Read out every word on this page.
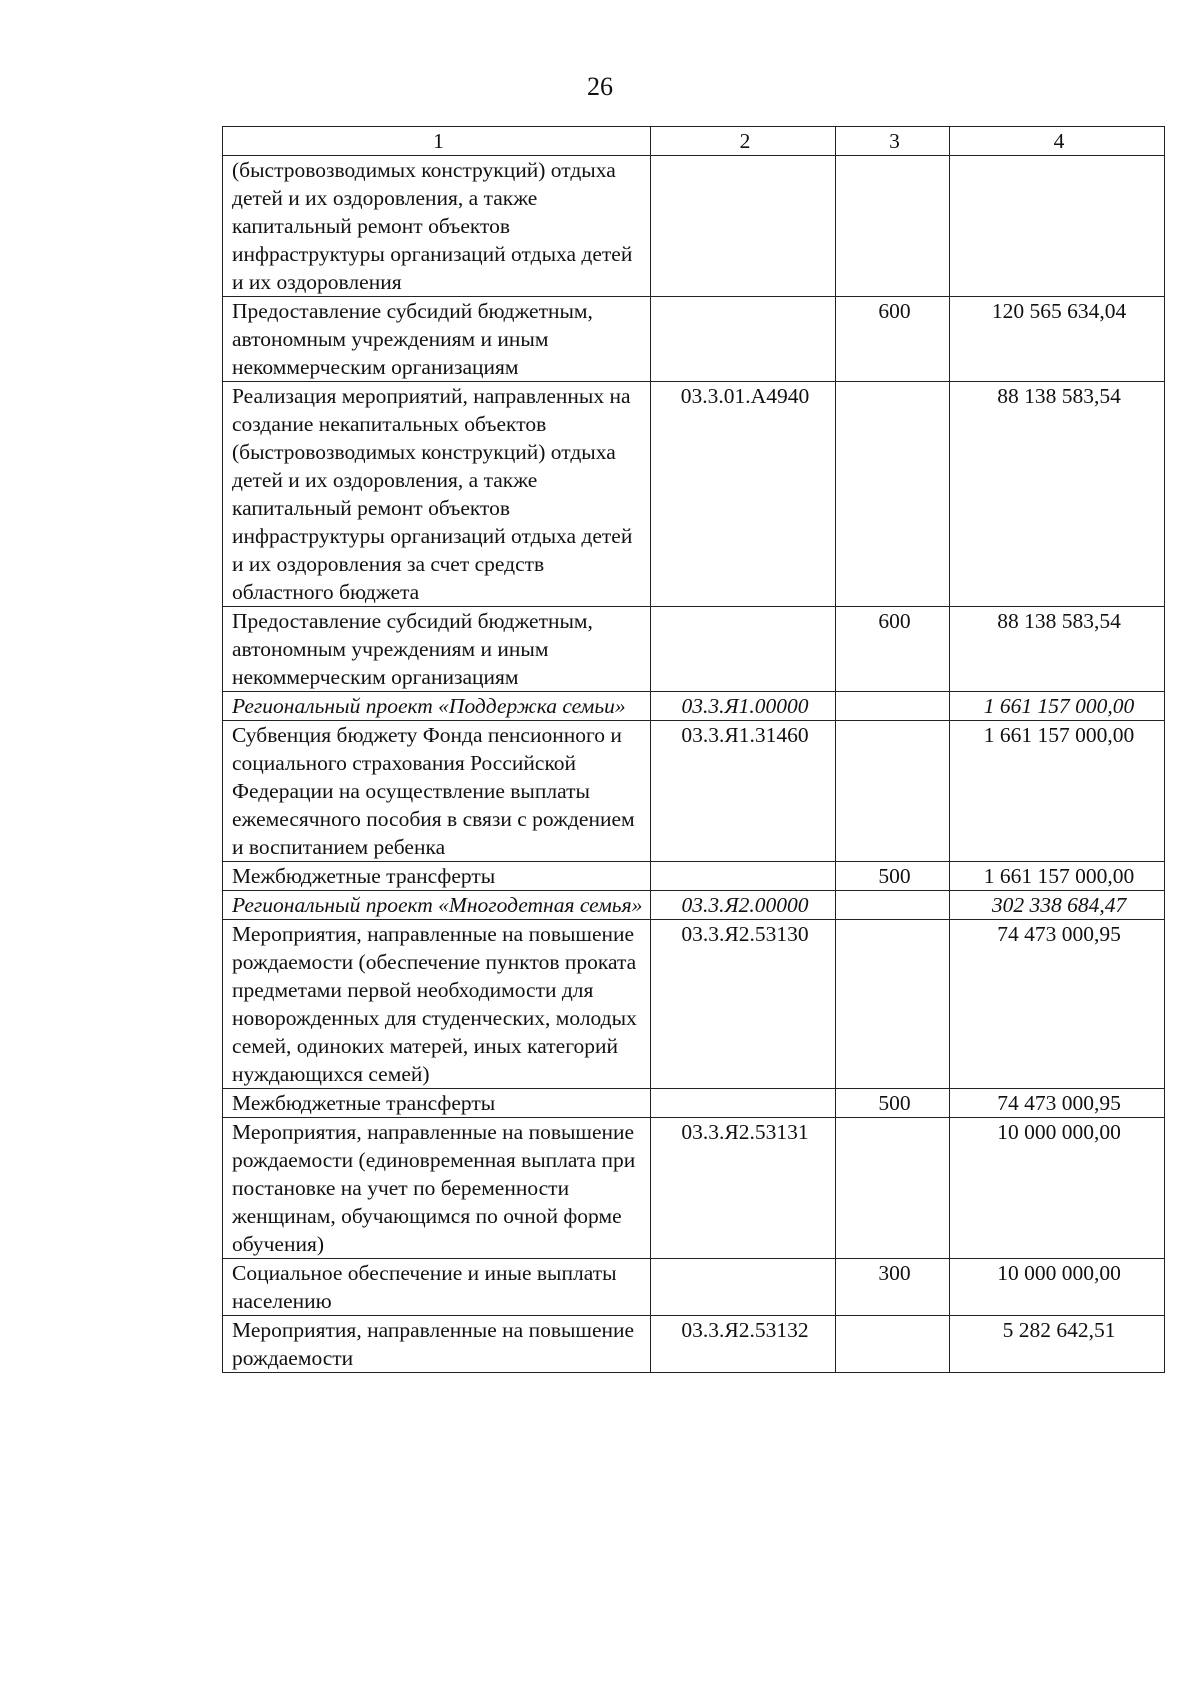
26
1	2	3	4
(быстровозводимых конструкций) отдыха детей и их оздоровления, а также капитальный ремонт объектов инфраструктуры организаций отдыха детей и их оздоровления			
Предоставление субсидий бюджетным, автономным учреждениям и иным некоммерческим организациям		600	120 565 634,04
Реализация мероприятий, направленных на создание некапитальных объектов (быстровозводимых конструкций) отдыха детей и их оздоровления, а также капитальный ремонт объектов инфраструктуры организаций отдыха детей и их оздоровления за счет средств областного бюджета	03.3.01.А4940		88 138 583,54
Предоставление субсидий бюджетным, автономным учреждениям и иным некоммерческим организациям		600	88 138 583,54
Региональный проект «Поддержка семьи»	03.3.Я1.00000		1 661 157 000,00
Субвенция бюджету Фонда пенсионного и социального страхования Российской Федерации на осуществление выплаты ежемесячного пособия в связи с рождением и воспитанием ребенка	03.3.Я1.31460		1 661 157 000,00
Межбюджетные трансферты		500	1 661 157 000,00
Региональный проект «Многодетная семья»	03.3.Я2.00000		302 338 684,47
Мероприятия, направленные на повышение рождаемости (обеспечение пунктов проката предметами первой необходимости для новорожденных для студенческих, молодых семей, одиноких матерей, иных категорий нуждающихся семей)	03.3.Я2.53130		74 473 000,95
Межбюджетные трансферты		500	74 473 000,95
Мероприятия, направленные на повышение рождаемости (единовременная выплата при постановке на учет по беременности женщинам, обучающимся по очной форме обучения)	03.3.Я2.53131		10 000 000,00
Социальное обеспечение и иные выплаты населению		300	10 000 000,00
Мероприятия, направленные на повышение рождаемости	03.3.Я2.53132		5 282 642,51
